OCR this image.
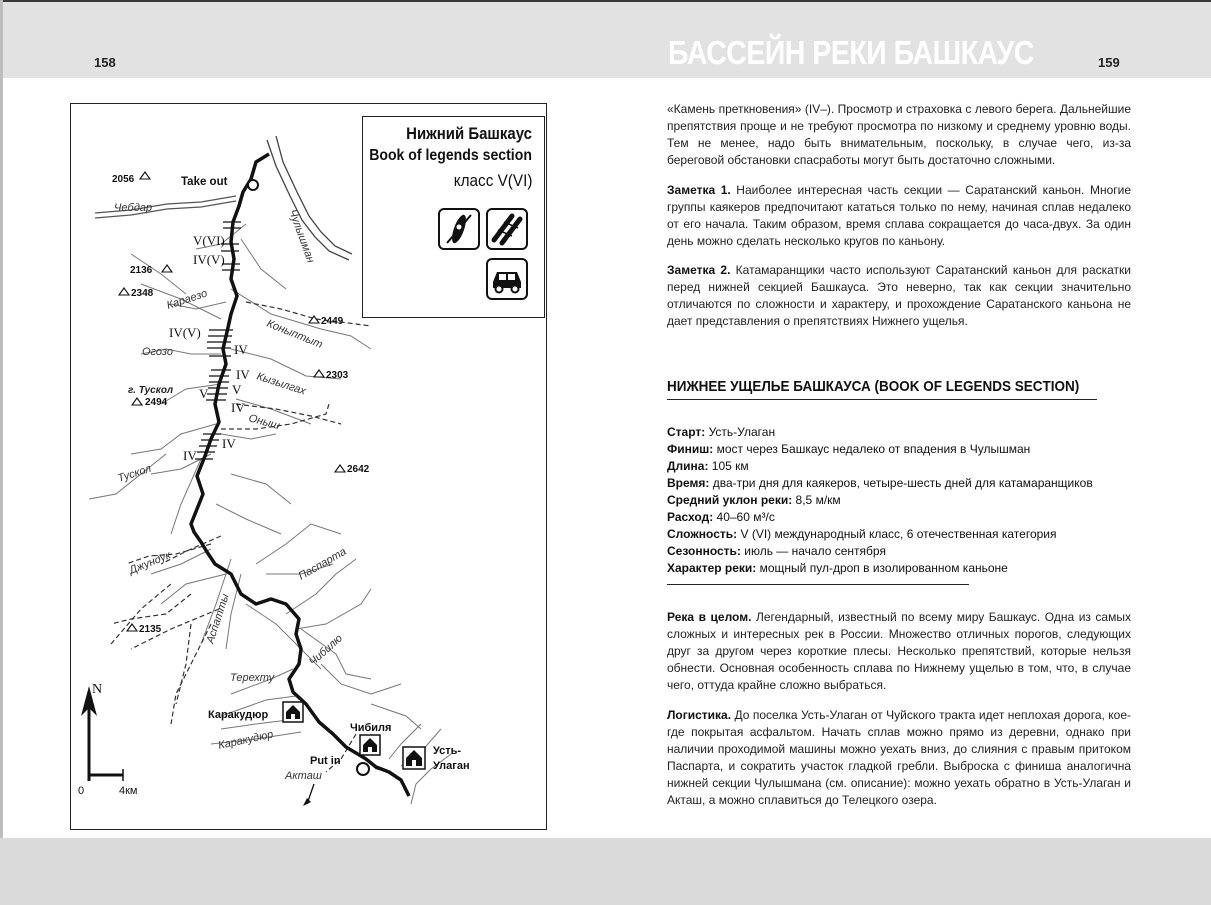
158	БАССЕЙН РЕКИ БАШКАУС	159
2056
2136
2348
2449
2303
2494
2642
2135
Take out
Put in
N
0	4км
Чебдар	Чулышман
Караезо
Коныптыт
Огозо
Кызылгах
Оныш
Тускол
Джундук
Аспатты
Паспарта
Чибилю
Терехту
Каракудюр
Акташ
г. Тускол
Каракудюр
Чибиля
Усть-
Улаган
V(VI)
IV(V)
IV(V)
IV
IV
V
V
IV
IV
IV
Нижний Башкаус
Book of legends section
класс V(VI)

«Камень преткновения» (IV–). Просмотр и страховка с левого берега. Дальнейшие препятствия проще и не требуют просмотра по низкому и среднему уровню воды. Тем не менее, надо быть внимательным, поскольку, в случае чего, из-за береговой обстановки спасработы могут быть достаточно сложными.

Заметка 1. Наиболее интересная часть секции — Саратанский каньон. Многие группы каякеров предпочитают кататься только по нему, начиная сплав недалеко от его начала. Таким образом, время сплава сокращается до часа-двух. За один день можно сделать несколько кругов по каньону.

Заметка 2. Катамаранщики часто используют Саратанский каньон для раскатки перед нижней секцией Башкауса. Это неверно, так как секции значительно отличаются по сложности и характеру, и прохождение Саратанского каньона не дает представления о препятствиях Нижнего ущелья.

НИЖНЕЕ УЩЕЛЬЕ БАШКАУСА (BOOK OF LEGENDS SECTION)
Старт: Усть-Улаган
Финиш: мост через Башкаус недалеко от впадения в Чулышман
Длина: 105 км
Время: два-три дня для каякеров, четыре-шесть дней для катамаранщиков
Средний уклон реки: 8,5 м/км
Расход: 40–60 м³/с
Сложность: V (VI) международный класс, 6 отечественная категория
Сезонность: июль — начало сентября
Характер реки: мощный пул-дроп в изолированном каньоне

Река в целом. Легендарный, известный по всему миру Башкаус. Одна из самых сложных и интересных рек в России. Множество отличных порогов, следующих друг за другом через короткие плесы. Несколько препятствий, которые нельзя обнести. Основная особенность сплава по Нижнему ущелью в том, что, в случае чего, оттуда крайне сложно выбраться.

Логистика. До поселка Усть-Улаган от Чуйского тракта идет неплохая дорога, кое-где покрытая асфальтом. Начать сплав можно прямо из деревни, однако при наличии проходимой машины можно уехать вниз, до слияния с правым притоком Паспарта, и сократить участок гладкой гребли. Выброска с финиша аналогична нижней секции Чулышмана (см. описание): можно уехать обратно в Усть-Улаган и Акташ, а можно сплавиться до Телецкого озера.
